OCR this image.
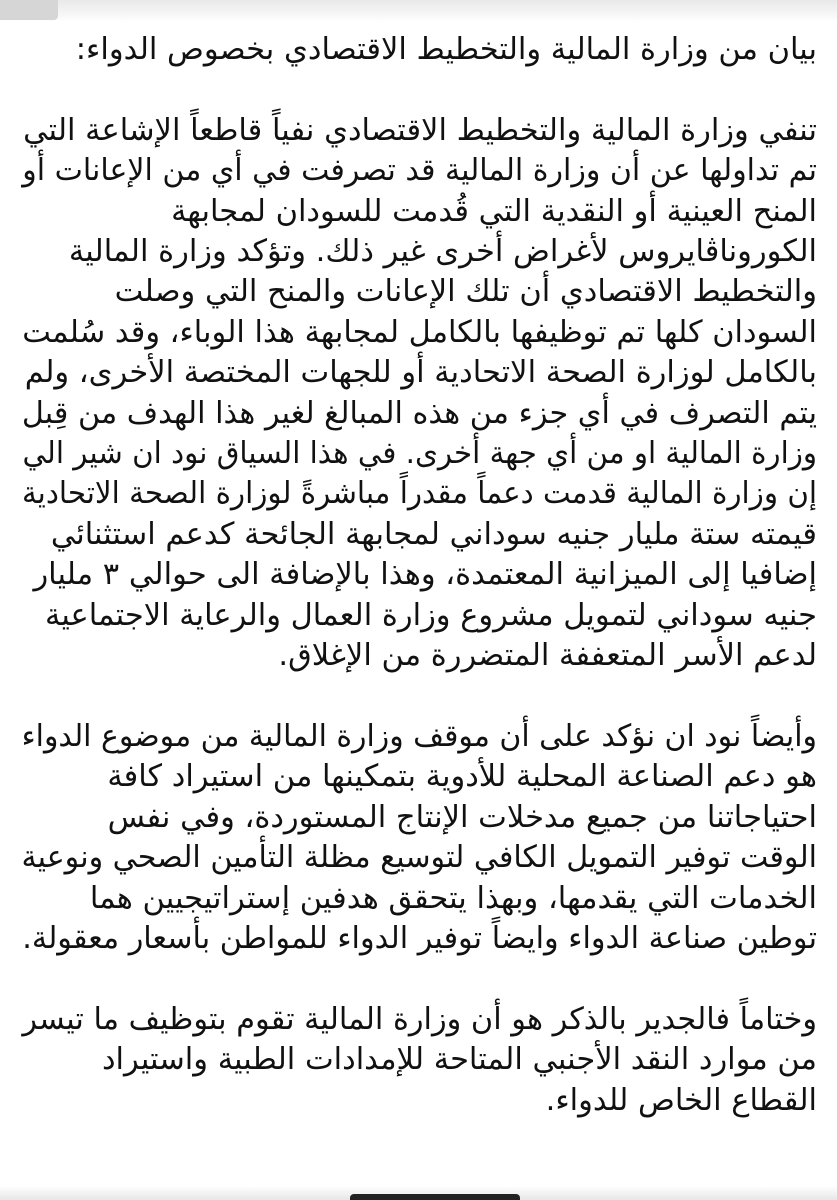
بيان من وزارة المالية والتخطيط الاقتصادي بخصوص الدواء:
تنفي وزارة المالية والتخطيط الاقتصادي نفياً قاطعاً الإشاعة التي
تم تداولها عن أن وزارة المالية قد تصرفت في أي من الإعانات أو
المنح العينية أو النقدية التي قُدمت للسودان لمجابهة
الكوروناڤايروس لأغراض أخرى غير ذلك. وتؤكد وزارة المالية
والتخطيط الاقتصادي أن تلك الإعانات والمنح التي وصلت
السودان كلها تم توظيفها بالكامل لمجابهة هذا الوباء، وقد سُلمت
بالكامل لوزارة الصحة الاتحادية أو للجهات المختصة الأخرى، ولم
يتم التصرف في أي جزء من هذه المبالغ لغير هذا الهدف من قِبل
وزارة المالية او من أي جهة أخرى. في هذا السياق نود ان شير الي
إن وزارة المالية قدمت دعماً مقدراً مباشرةً لوزارة الصحة الاتحادية
قيمته ستة مليار جنيه سوداني لمجابهة الجائحة كدعم استثنائي
إضافيا إلى الميزانية المعتمدة، وهذا بالإضافة الى حوالي ٣ مليار
جنيه سوداني لتمويل مشروع وزارة العمال والرعاية الاجتماعية
لدعم الأسر المتعففة المتضررة من الإغلاق.
وأيضاً نود ان نؤكد على أن موقف وزارة المالية من موضوع الدواء
هو دعم الصناعة المحلية للأدوية بتمكينها من استيراد كافة
احتياجاتنا من جميع مدخلات الإنتاج المستوردة، وفي نفس
الوقت توفير التمويل الكافي لتوسيع مظلة التأمين الصحي ونوعية
الخدمات التي يقدمها، وبهذا يتحقق هدفين إستراتيجيين هما
توطين صناعة الدواء وايضاً توفير الدواء للمواطن بأسعار معقولة.
وختاماً فالجدير بالذكر هو أن وزارة المالية تقوم بتوظيف ما تيسر
من موارد النقد الأجنبي المتاحة للإمدادات الطبية واستيراد
القطاع الخاص للدواء.
